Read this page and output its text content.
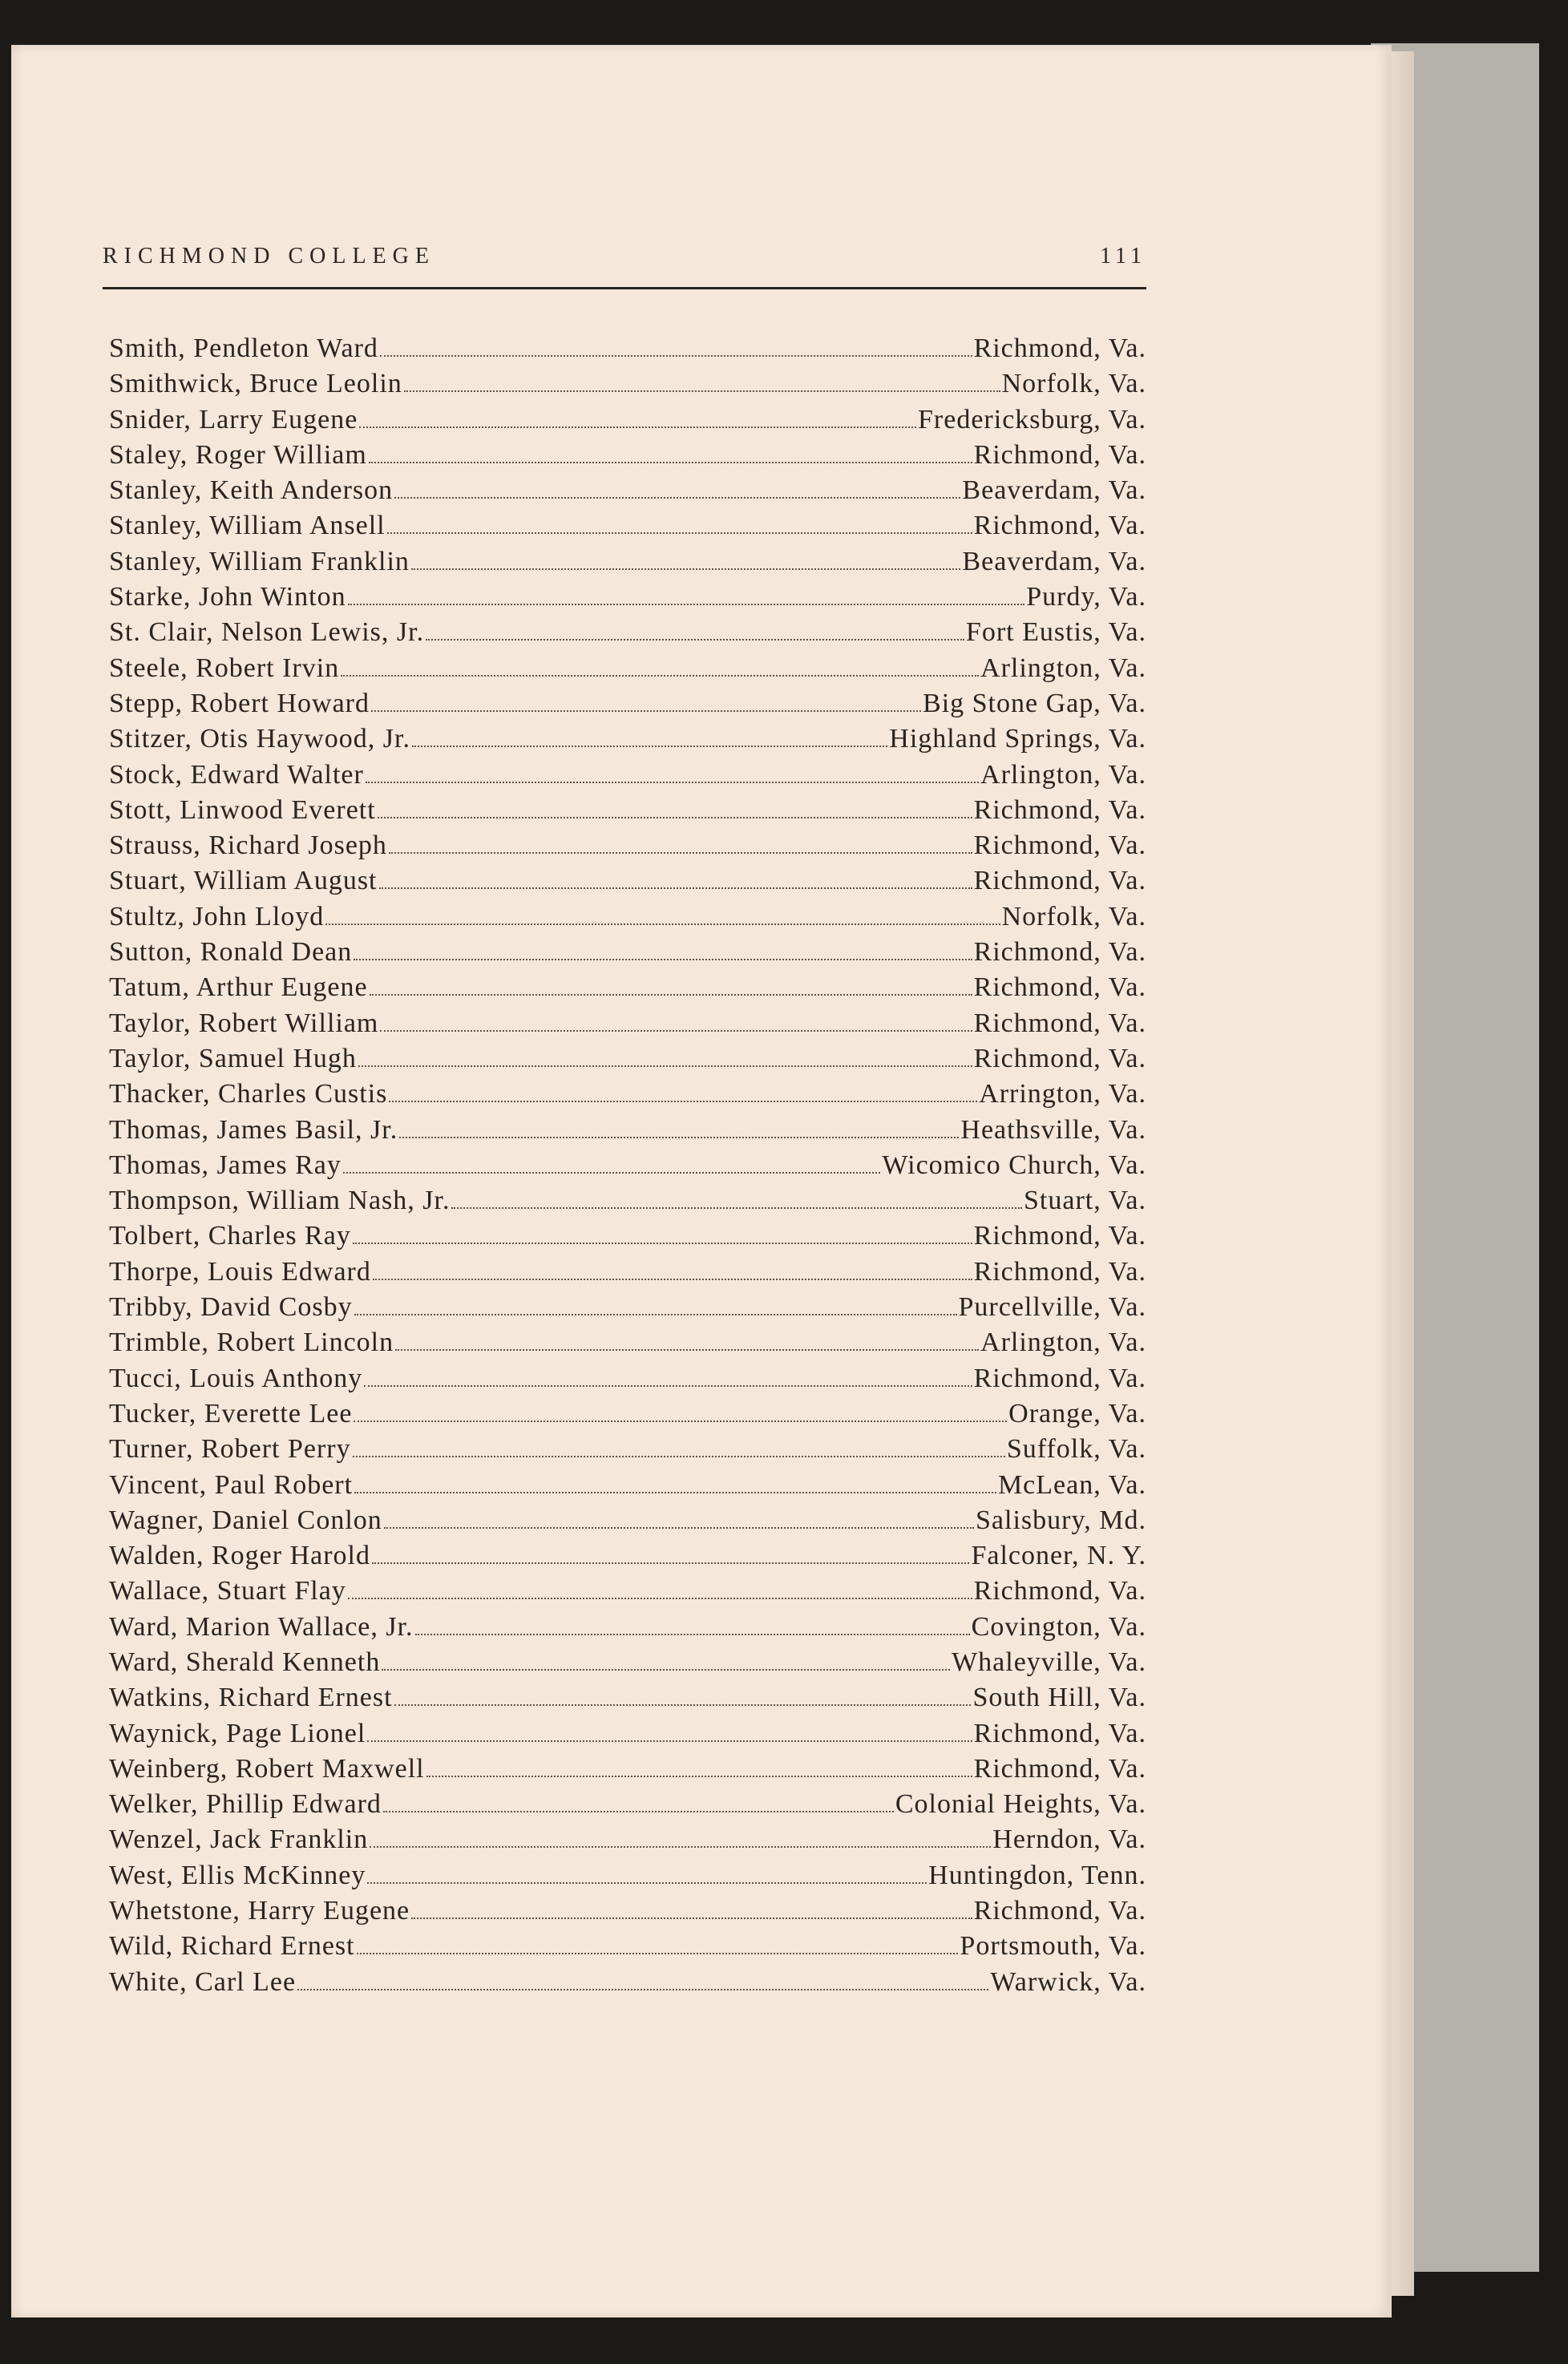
RICHMOND COLLEGE	111
Smith, Pendleton Ward	Richmond, Va.
Smithwick, Bruce Leolin	Norfolk, Va.
Snider, Larry Eugene	Fredericksburg, Va.
Staley, Roger William	Richmond, Va.
Stanley, Keith Anderson	Beaverdam, Va.
Stanley, William Ansell	Richmond, Va.
Stanley, William Franklin	Beaverdam, Va.
Starke, John Winton	Purdy, Va.
St. Clair, Nelson Lewis, Jr.	Fort Eustis, Va.
Steele, Robert Irvin	Arlington, Va.
Stepp, Robert Howard	Big Stone Gap, Va.
Stitzer, Otis Haywood, Jr.	Highland Springs, Va.
Stock, Edward Walter	Arlington, Va.
Stott, Linwood Everett	Richmond, Va.
Strauss, Richard Joseph	Richmond, Va.
Stuart, William August	Richmond, Va.
Stultz, John Lloyd	Norfolk, Va.
Sutton, Ronald Dean	Richmond, Va.
Tatum, Arthur Eugene	Richmond, Va.
Taylor, Robert William	Richmond, Va.
Taylor, Samuel Hugh	Richmond, Va.
Thacker, Charles Custis	Arrington, Va.
Thomas, James Basil, Jr.	Heathsville, Va.
Thomas, James Ray	Wicomico Church, Va.
Thompson, William Nash, Jr.	Stuart, Va.
Tolbert, Charles Ray	Richmond, Va.
Thorpe, Louis Edward	Richmond, Va.
Tribby, David Cosby	Purcellville, Va.
Trimble, Robert Lincoln	Arlington, Va.
Tucci, Louis Anthony	Richmond, Va.
Tucker, Everette Lee	Orange, Va.
Turner, Robert Perry	Suffolk, Va.
Vincent, Paul Robert	McLean, Va.
Wagner, Daniel Conlon	Salisbury, Md.
Walden, Roger Harold	Falconer, N. Y.
Wallace, Stuart Flay	Richmond, Va.
Ward, Marion Wallace, Jr.	Covington, Va.
Ward, Sherald Kenneth	Whaleyville, Va.
Watkins, Richard Ernest	South Hill, Va.
Waynick, Page Lionel	Richmond, Va.
Weinberg, Robert Maxwell	Richmond, Va.
Welker, Phillip Edward	Colonial Heights, Va.
Wenzel, Jack Franklin	Herndon, Va.
West, Ellis McKinney	Huntingdon, Tenn.
Whetstone, Harry Eugene	Richmond, Va.
Wild, Richard Ernest	Portsmouth, Va.
White, Carl Lee	Warwick, Va.
